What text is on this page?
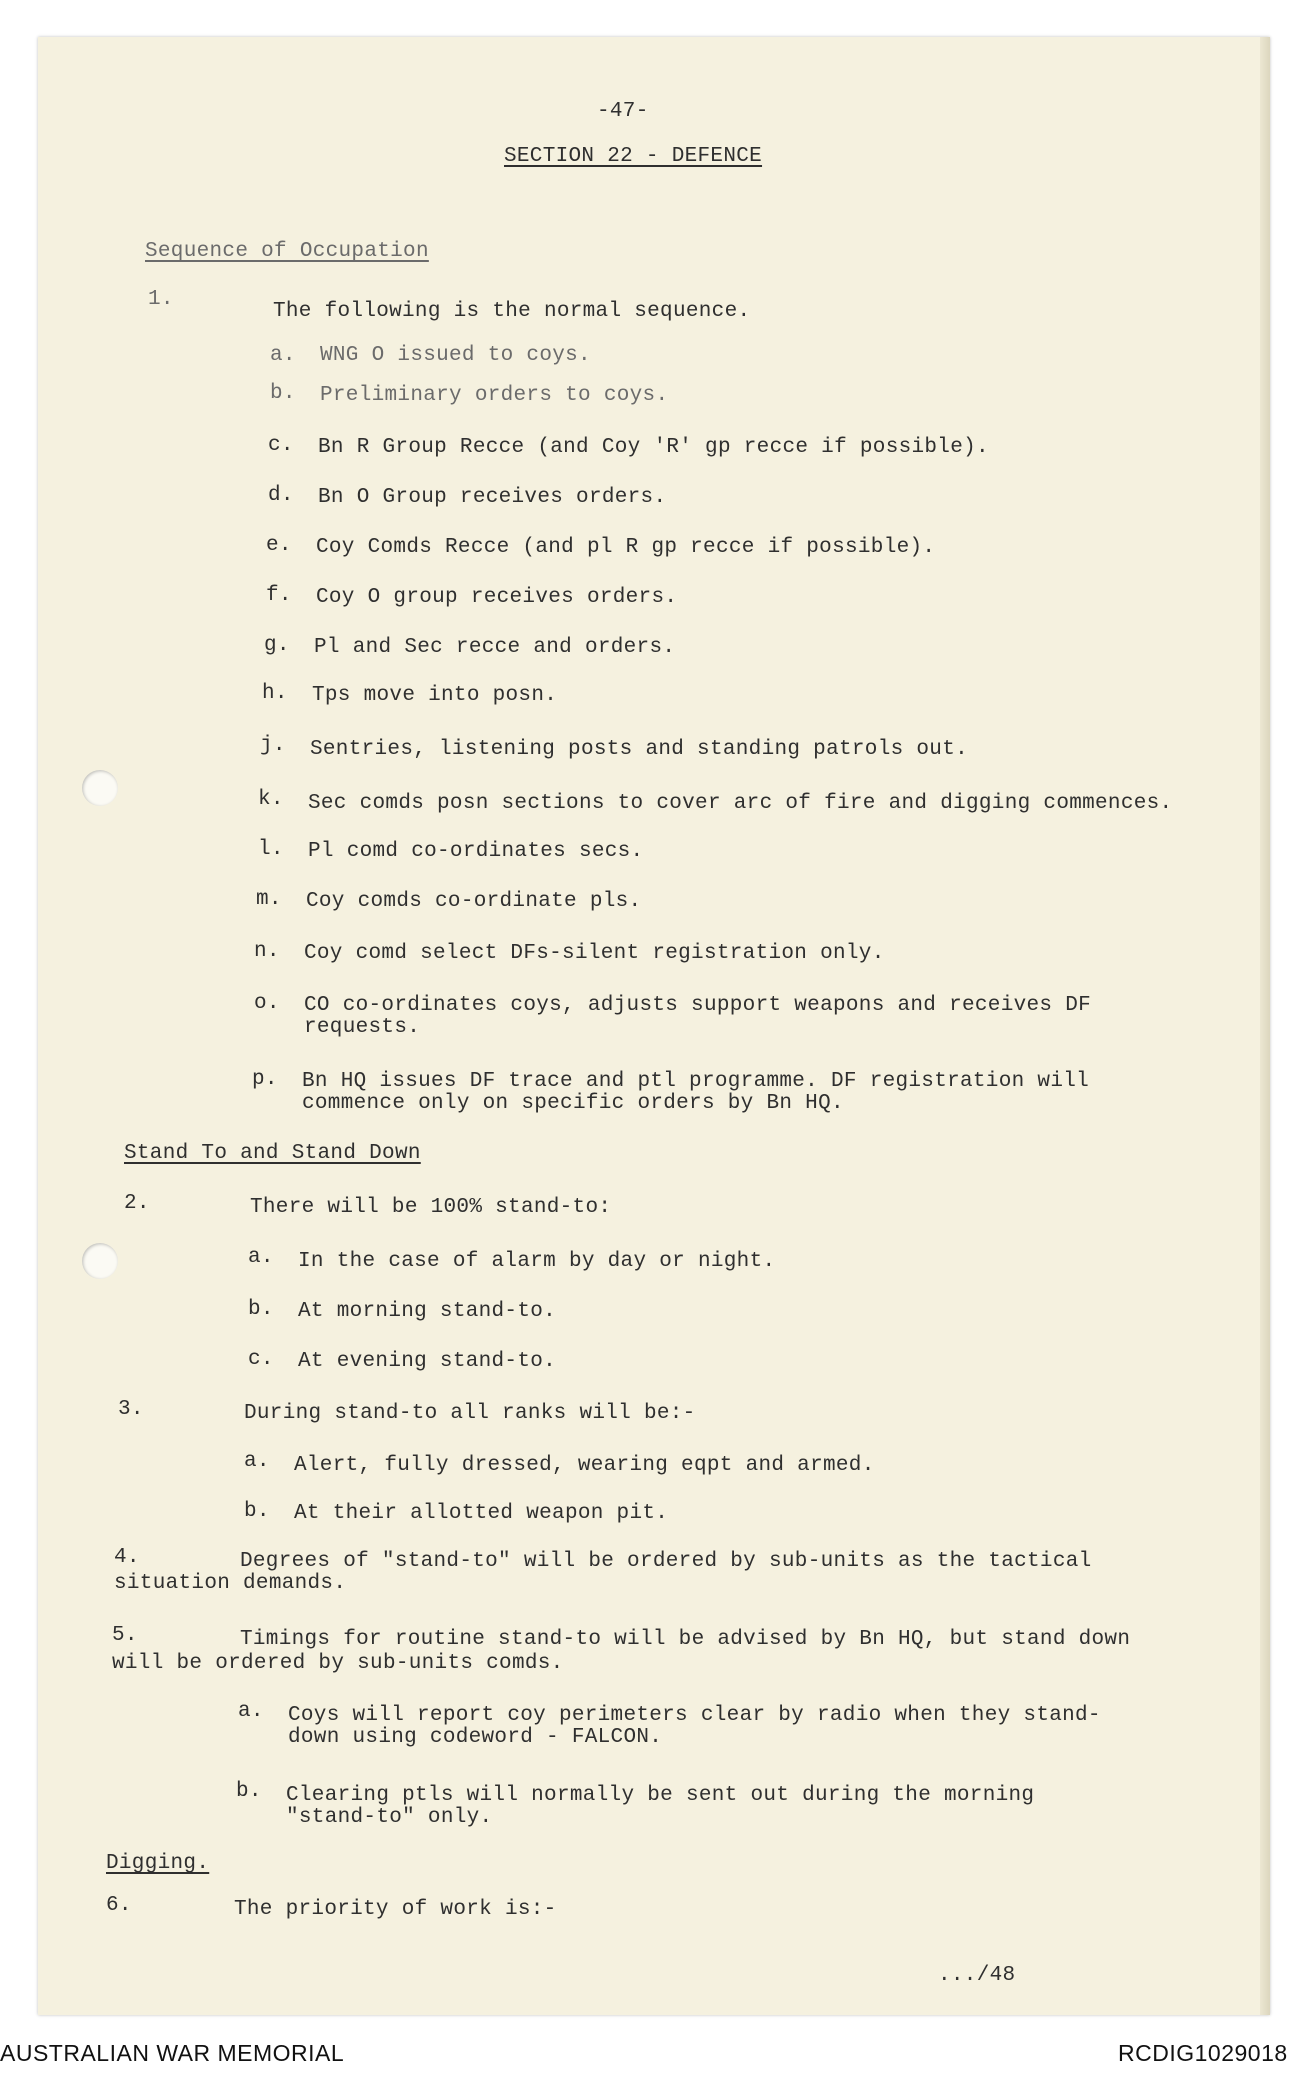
-47-
SECTION 22 - DEFENCE
Sequence of Occupation
1.
The following is the normal sequence.
a. WNG O issued to coys.
b. Preliminary orders to coys.
c. Bn R Group Recce (and Coy 'R' gp recce if possible).
d. Bn O Group receives orders.
e. Coy Comds Recce (and pl R gp recce if possible).
f. Coy O group receives orders.
g. Pl and Sec recce and orders.
h. Tps move into posn.
j. Sentries, listening posts and standing patrols out.
k. Sec comds posn sections to cover arc of fire and digging commences.
l. Pl comd co-ordinates secs.
m. Coy comds co-ordinate pls.
n. Coy comd select DFs-silent registration only.
o. CO co-ordinates coys, adjusts support weapons and receives DF
requests.
p. Bn HQ issues DF trace and ptl programme. DF registration will
commence only on specific orders by Bn HQ.
Stand To and Stand Down
2.	There will be 100% stand-to:
a. In the case of alarm by day or night.
b. At morning stand-to.
c. At evening stand-to.
3.	During stand-to all ranks will be:-
a. Alert, fully dressed, wearing eqpt and armed.
b. At their allotted weapon pit.
4.	Degrees of "stand-to" will be ordered by sub-units as the tactical
situation demands.
5.	Timings for routine stand-to will be advised by Bn HQ, but stand down
will be ordered by sub-units comds.
a. Coys will report coy perimeters clear by radio when they stand-
down using codeword - FALCON.
b. Clearing ptls will normally be sent out during the morning
"stand-to" only.
Digging.
6.	The priority of work is:-
.../48
AUSTRALIAN WAR MEMORIAL	RCDIG1029018
